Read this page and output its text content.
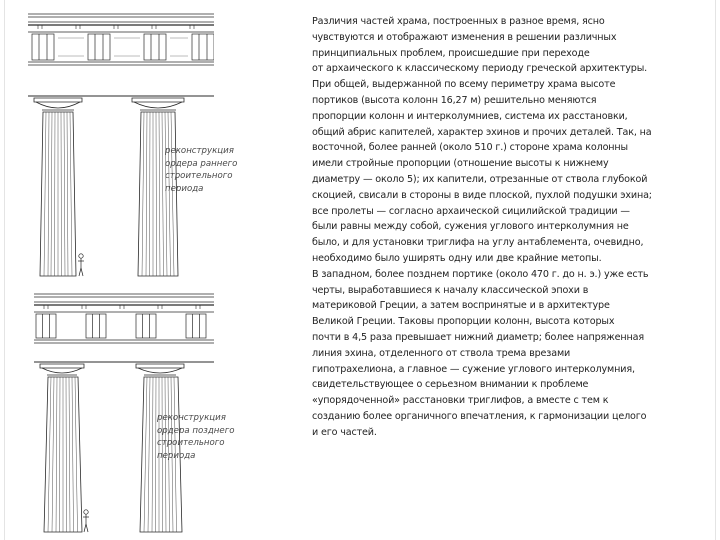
реконструкция
ордера раннего
строительного
периода
реконструкция
ордера позднего
строительного
периода
Различия частей храма, построенных в разное время, ясно
чувствуются и отображают изменения в решении различных
принципиальных проблем, происшедшие при переходе
от архаического к классическому периоду греческой архитектуры.
При общей, выдержанной по всему периметру храма высоте
портиков (высота колонн 16,27 м) решительно меняются
пропорции колонн и интерколумниев, система их расстановки,
общий абрис капителей, характер эхинов и прочих деталей. Так, на
восточной, более ранней (около 510 г.) стороне храма колонны
имели стройные пропорции (отношение высоты к нижнему
диаметру — около 5); их капители, отрезанные от ствола глубокой
скоцией, свисали в стороны в виде плоской, пухлой подушки эхина;
все пролеты — согласно архаической сицилийской традиции —
были равны между собой, сужения углового интерколумния не
было, и для установки триглифа на углу антаблемента, очевидно,
необходимо было уширять одну или две крайние метопы.
В западном, более позднем портике (около 470 г. до н. э.) уже есть
черты, выработавшиеся к началу классической эпохи в
материковой Греции, а затем воспринятые и в архитектуре
Великой Греции. Таковы пропорции колонн, высота которых
почти в 4,5 раза превышает нижний диаметр; более напряженная
линия эхина, отделенного от ствола трема врезами
гипотрахелиона, а главное — сужение углового интерколумния,
свидетельствующее о серьезном внимании к проблеме
«упорядоченной» расстановки триглифов, а вместе с тем к
созданию более органичного впечатления, к гармонизации целого
и его частей.
